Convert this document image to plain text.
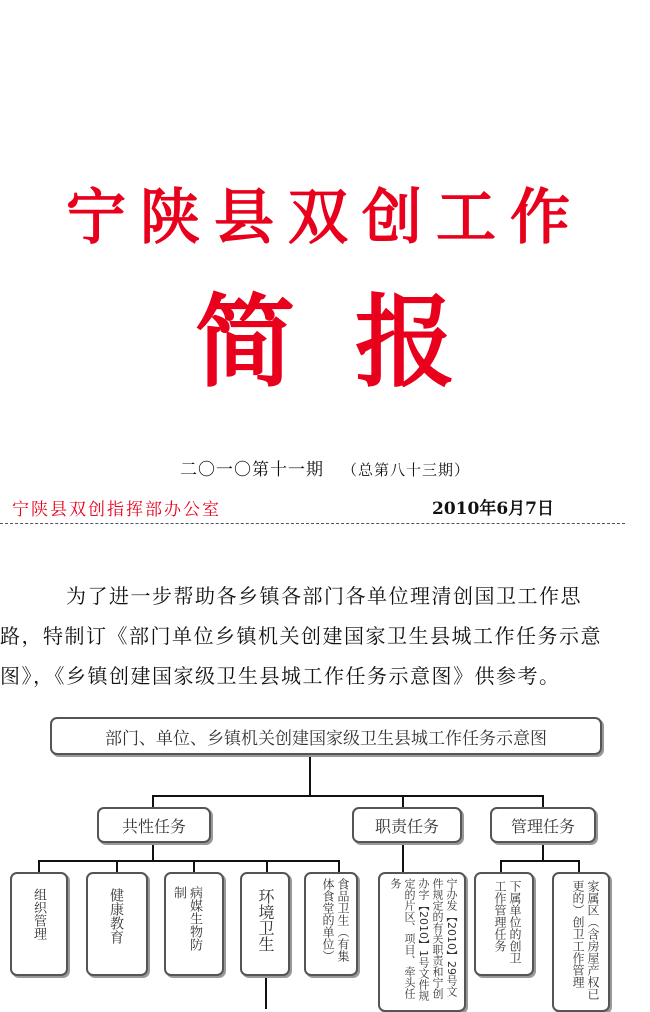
宁陕县双创工作
简报
二〇一〇第十一期 （总第八十三期）
宁陕县双创指挥部办公室	2010年6月7日
为了进一步帮助各乡镇各部门各单位理清创国卫工作思
路，特制订《部门单位乡镇机关创建国家卫生县城工作任务示意
图》，《乡镇创建国家级卫生县城工作任务示意图》供参考。
部门、单位、乡镇机关创建国家级卫生县城工作任务示意图
共性任务	职责任务	管理任务
组织管理	健康教育	病媒生物防制	环境卫生	食品卫生（有集体食堂的单位）	宁办发【2010】29号文件规定的有关职责和宁创办字【2010】1号文件规定的片区、项目、牵头任务	下属单位的创卫工作管理任务	家属区（含房屋产权已更的）创卫工作管理
